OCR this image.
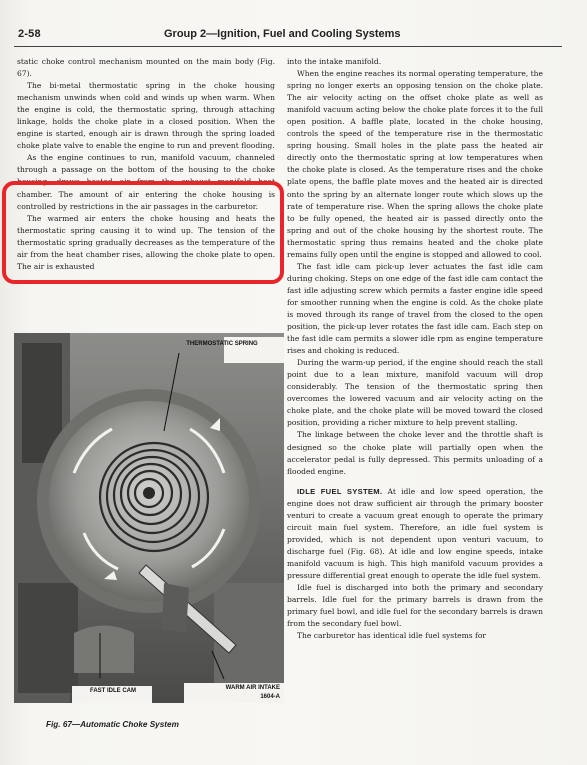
2-58	Group 2—Ignition, Fuel and Cooling Systems

static choke control mechanism mounted on the main body (Fig. 67).

The bi-metal thermostatic spring in the choke housing mechanism unwinds when cold and winds up when warm. When the engine is cold, the thermostatic spring, through attaching linkage, holds the choke plate in a closed position. When the engine is started, enough air is drawn through the spring loaded choke plate valve to enable the engine to run and prevent flooding.

As the engine continues to run, manifold vacuum, channeled through a passage on the bottom of the housing to the choke housing, draws heated air from the exhaust manifold heat chamber. The amount of air entering the choke housing is controlled by restrictions in the air passages in the carburetor.

The warmed air enters the choke housing and heats the thermostatic spring causing it to wind up. The tension of the thermostatic spring gradually decreases as the temperature of the air from the heat chamber rises, allowing the choke plate to open. The air is exhausted

THERMOSTATIC SPRING
FAST IDLE CAM	WARM AIR INTAKE
1604-A
Fig. 67—Automatic Choke System

into the intake manifold.

When the engine reaches its normal operating temperature, the spring no longer exerts an opposing tension on the choke plate. The air velocity acting on the offset choke plate as well as manifold vacuum acting below the choke plate forces it to the full open position. A baffle plate, located in the choke housing, controls the speed of the temperature rise in the thermostatic spring housing. Small holes in the plate pass the heated air directly onto the thermostatic spring at low temperatures when the choke plate is closed. As the temperature rises and the choke plate opens, the baffle plate moves and the heated air is directed onto the spring by an alternate longer route which slows up the rate of temperature rise. When the spring allows the choke plate to be fully opened, the heated air is passed directly onto the spring and out of the choke housing by the shortest route. The thermostatic spring thus remains heated and the choke plate remains fully open until the engine is stopped and allowed to cool.

The fast idle cam pick-up lever actuates the fast idle cam during choking. Steps on one edge of the fast idle cam contact the fast idle adjusting screw which permits a faster engine idle speed for smoother running when the engine is cold. As the choke plate is moved through its range of travel from the closed to the open position, the pick-up lever rotates the fast idle cam. Each step on the fast idle cam permits a slower idle rpm as engine temperature rises and choking is reduced.

During the warm-up period, if the engine should reach the stall point due to a lean mixture, manifold vacuum will drop considerably. The tension of the thermostatic spring then overcomes the lowered vacuum and air velocity acting on the choke plate, and the choke plate will be moved toward the closed position, providing a richer mixture to help prevent stalling.

The linkage between the choke lever and the throttle shaft is designed so the choke plate will partially open when the accelerator pedal is fully depressed. This permits unloading of a flooded engine.

IDLE FUEL SYSTEM. At idle and low speed operation, the engine does not draw sufficient air through the primary booster venturi to create a vacuum great enough to operate the primary circuit main fuel system. Therefore, an idle fuel system is provided, which is not dependent upon venturi vacuum, to discharge fuel (Fig. 68). At idle and low engine speeds, intake manifold vacuum is high. This high manifold vacuum provides a pressure differential great enough to operate the idle fuel system.

Idle fuel is discharged into both the primary and secondary barrels. Idle fuel for the primary barrels is drawn from the primary fuel bowl, and idle fuel for the secondary barrels is drawn from the secondary fuel bowl.

The carburetor has identical idle fuel systems for
